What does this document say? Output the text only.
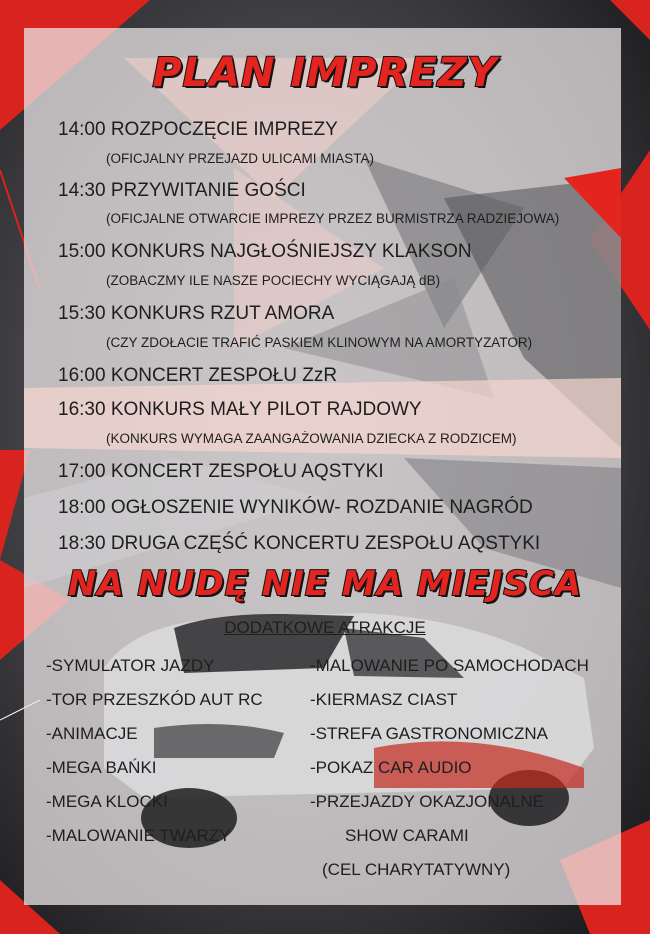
PLAN IMPREZY
NA NUDĘ NIE MA MIEJSCA
14:00 ROZPOCZĘCIE IMPREZY
(OFICJALNY PRZEJAZD ULICAMI MIASTA)
14:30 PRZYWITANIE GOŚCI
(OFICJALNE OTWARCIE IMPREZY PRZEZ BURMISTRZA RADZIEJOWA)
15:00 KONKURS NAJGŁOŚNIEJSZY KLAKSON
(ZOBACZMY ILE NASZE POCIECHY WYCIĄGAJĄ dB)
15:30 KONKURS RZUT AMORA
(CZY ZDOŁACIE TRAFIĆ PASKIEM KLINOWYM NA AMORTYZATOR)
16:00 KONCERT ZESPOŁU ZzR
16:30 KONKURS MAŁY PILOT RAJDOWY
(KONKURS WYMAGA ZAANGAŻOWANIA DZIECKA Z RODZICEM)
17:00 KONCERT ZESPOŁU AQSTYKI
18:00 OGŁOSZENIE WYNIKÓW- ROZDANIE NAGRÓD
18:30 DRUGA CZĘŚĆ KONCERTU ZESPOŁU AQSTYKI
DODATKOWE ATRAKCJE
-SYMULATOR JAZDY
-TOR PRZESZKÓD AUT RC
-ANIMACJE
-MEGA BAŃKI
-MEGA KLOCKI
-MALOWANIE TWARZY
-MALOWANIE PO SAMOCHODACH
-KIERMASZ CIAST
-STREFA GASTRONOMICZNA
-POKAZ CAR AUDIO
-PRZEJAZDY OKAZJONALNE
SHOW CARAMI
(CEL CHARYTATYWNY)
